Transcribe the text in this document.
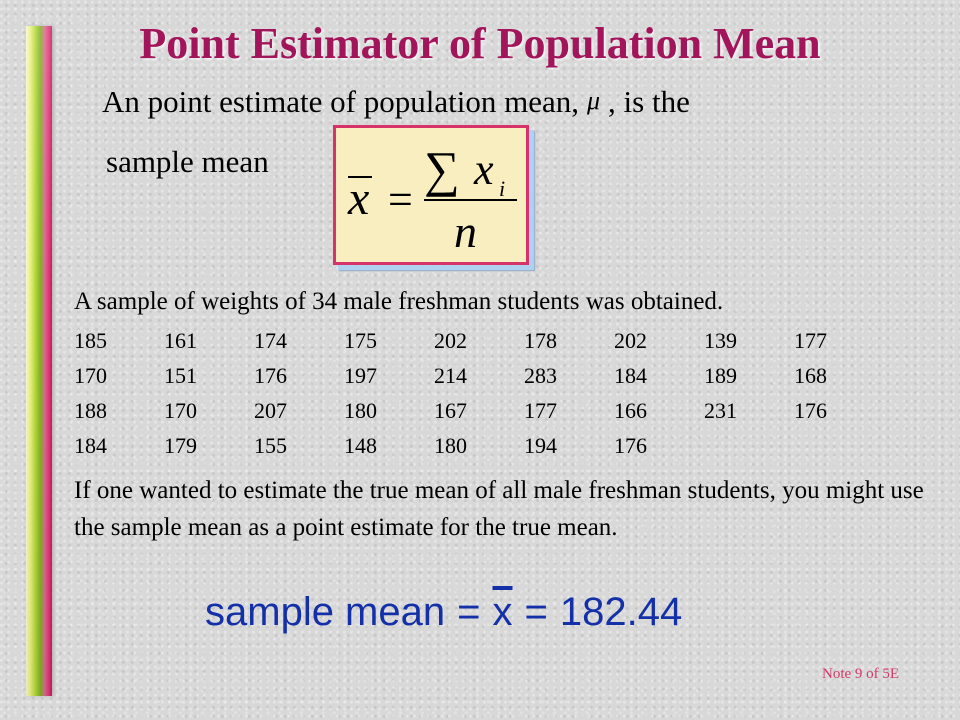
Point Estimator of Population Mean
An point estimate of population mean, μ , is the
sample mean
x =
∑ x i
n
A sample of weights of 34 male freshman students was obtained.
185	161	174	175	202	178	202	139	177
170	151	176	197	214	283	184	189	168
188	170	207	180	167	177	166	231	176
184	179	155	148	180	194	176		
If one wanted to estimate the true mean of all male freshman students, you might use the sample mean as a point estimate for the true mean.
sample mean = $\overline{x} = 182.44$
Note 9 of 5E
